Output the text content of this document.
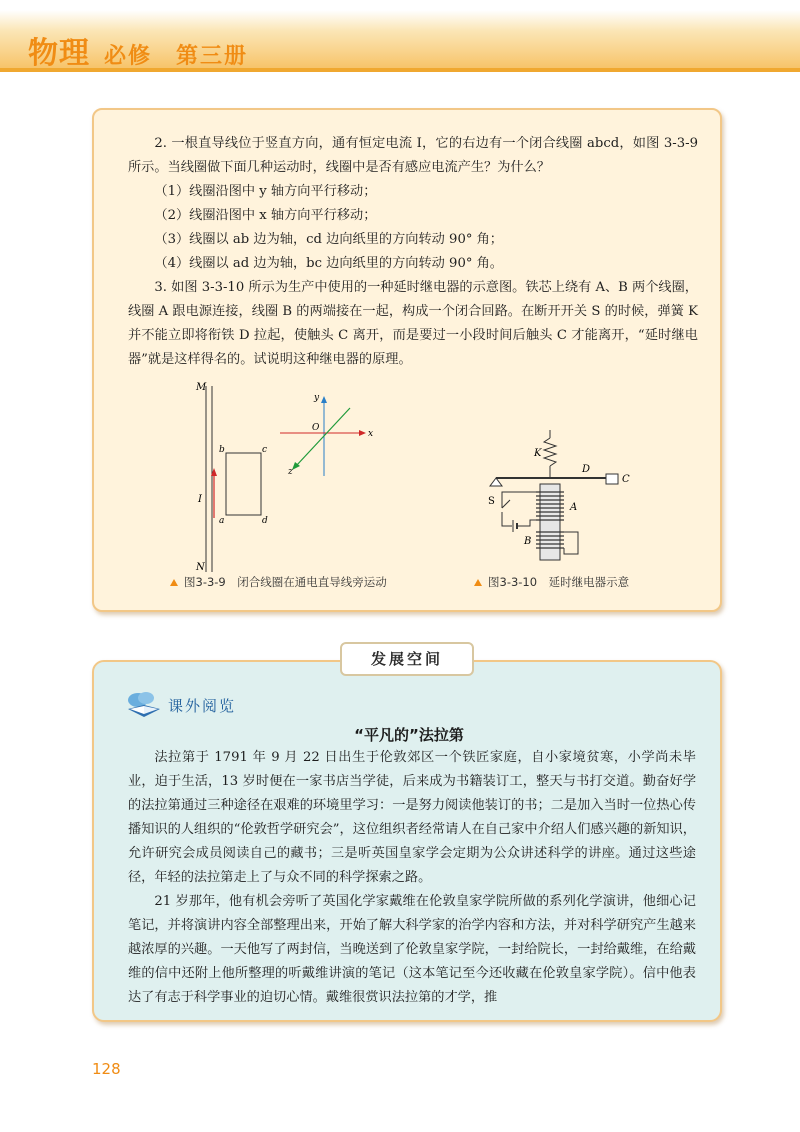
物理 必修　第三册

2. 一根直导线位于竖直方向，通有恒定电流 I，它的右边有一个闭合线圈 abcd，如图 3-3-9 所示。当线圈做下面几种运动时，线圈中是否有感应电流产生？为什么？

（1）线圈沿图中 y 轴方向平行移动；

（2）线圈沿图中 x 轴方向平行移动；

（3）线圈以 ab 边为轴，cd 边向纸里的方向转动 90° 角；

（4）线圈以 ad 边为轴，bc 边向纸里的方向转动 90° 角。

3. 如图 3-3-10 所示为生产中使用的一种延时继电器的示意图。铁芯上绕有 A、B 两个线圈，线圈 A 跟电源连接，线圈 B 的两端接在一起，构成一个闭合回路。在断开开关 S 的时候，弹簧 K 并不能立即将衔铁 D 拉起，使触头 C 离开，而是要过一小段时间后触头 C 才能离开，“延时继电器”就是这样得名的。试说明这种继电器的原理。

M
N
I
b	c
a	d
y
x
z
O
图3-3-9　闭合线圈在通电直导线旁运动
K
D
C
A
B
S
图3-3-10　延时继电器示意
发展空间
课外阅览
“平凡的”法拉第

法拉第于 1791 年 9 月 22 日出生于伦敦郊区一个铁匠家庭，自小家境贫寒，小学尚未毕业，迫于生活，13 岁时便在一家书店当学徒，后来成为书籍装订工，整天与书打交道。勤奋好学的法拉第通过三种途径在艰难的环境里学习：一是努力阅读他装订的书；二是加入当时一位热心传播知识的人组织的“伦敦哲学研究会”，这位组织者经常请人在自己家中介绍人们感兴趣的新知识，允许研究会成员阅读自己的藏书；三是听英国皇家学会定期为公众讲述科学的讲座。通过这些途径，年轻的法拉第走上了与众不同的科学探索之路。

21 岁那年，他有机会旁听了英国化学家戴维在伦敦皇家学院所做的系列化学演讲，他细心记笔记，并将演讲内容全部整理出来，开始了解大科学家的治学内容和方法，并对科学研究产生越来越浓厚的兴趣。一天他写了两封信，当晚送到了伦敦皇家学院，一封给院长，一封给戴维，在给戴维的信中还附上他所整理的听戴维讲演的笔记（这本笔记至今还收藏在伦敦皇家学院）。信中他表达了有志于科学事业的迫切心情。戴维很赏识法拉第的才学，推

128
